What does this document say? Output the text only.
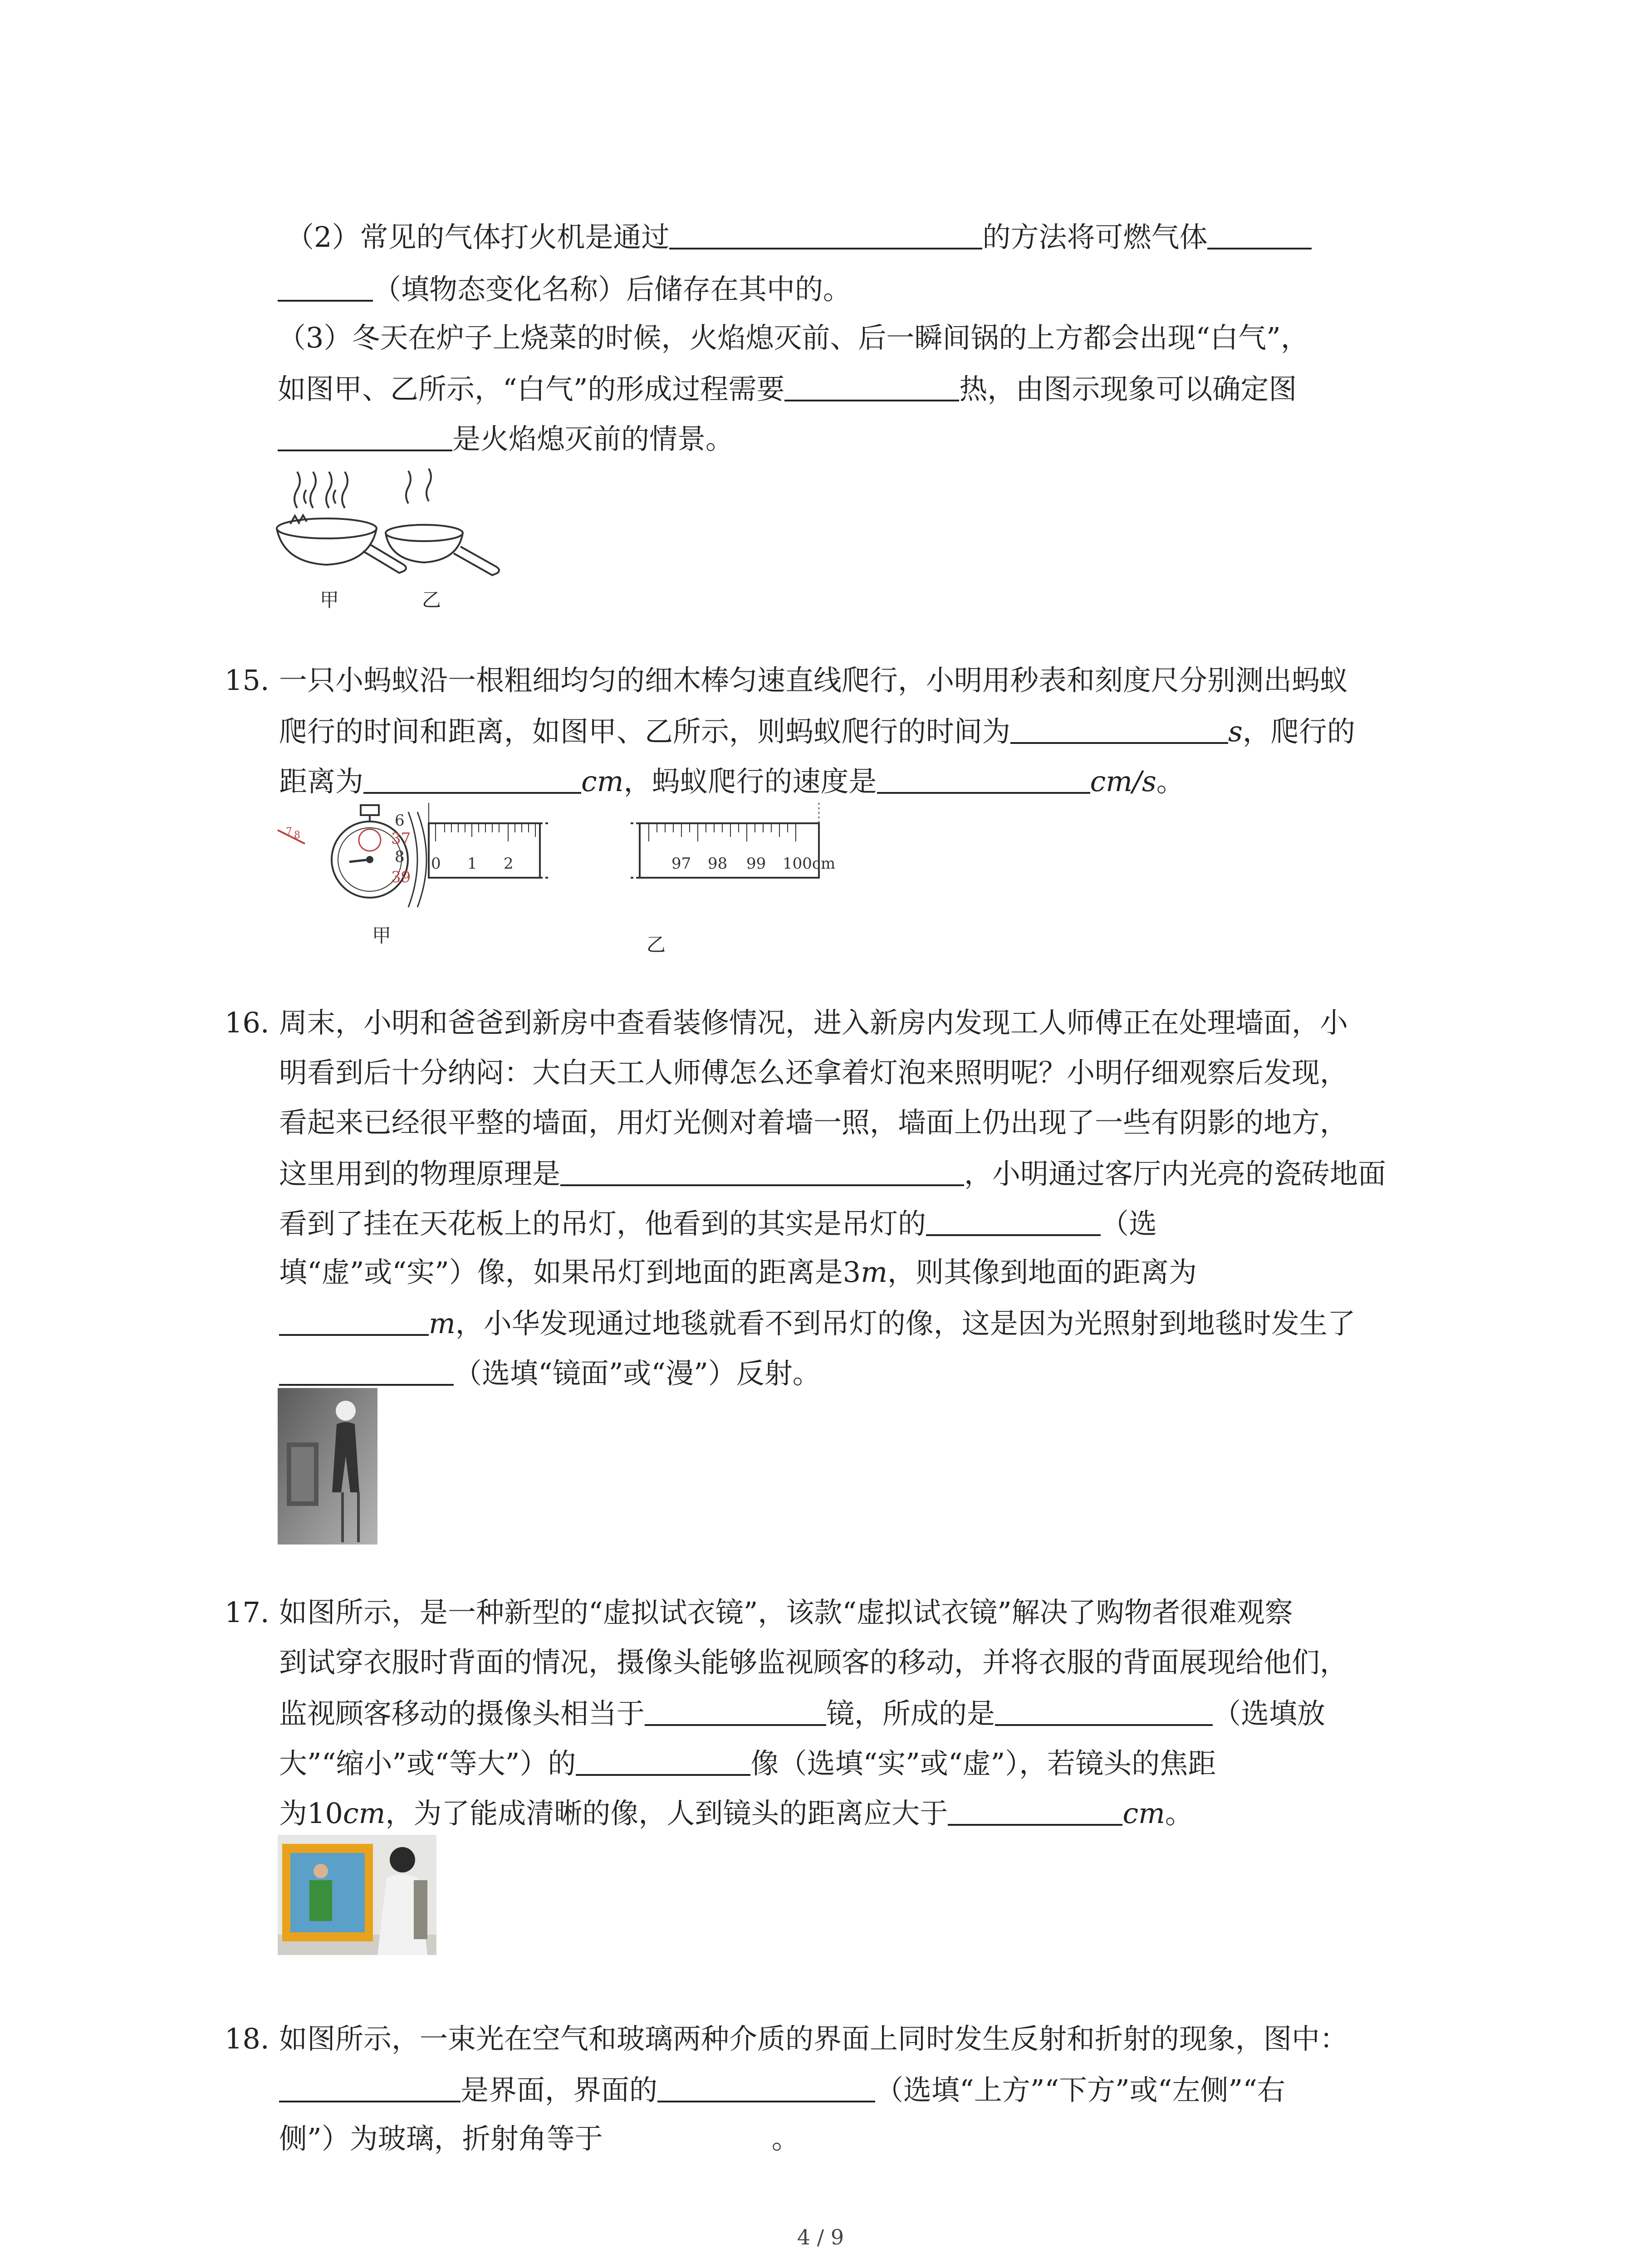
（2）常见的气体打火机是通过	的方法将可燃气体
（填物态变化名称）后储存在其中的。
（3）冬天在炉子上烧菜的时候，火焰熄灭前、后一瞬间锅的上方都会出现“白气”，
如图甲、乙所示，“白气”的形成过程需要	热，由图示现象可以确定图
是火焰熄灭前的情景。
甲	乙
15. 一只小蚂蚁沿一根粗细均匀的细木棒匀速直线爬行，小明用秒表和刻度尺分别测出蚂蚁
爬行的时间和距离，如图甲、乙所示，则蚂蚁爬行的时间为	s，爬行的
距离为	cm，蚂蚁爬行的速度是	cm/s。
6
37
8
39
7 8
0 1 2	97 98 99 100cm
甲	乙
16. 周末，小明和爸爸到新房中查看装修情况，进入新房内发现工人师傅正在处理墙面，小
明看到后十分纳闷：大白天工人师傅怎么还拿着灯泡来照明呢？小明仔细观察后发现，
看起来已经很平整的墙面，用灯光侧对着墙一照，墙面上仍出现了一些有阴影的地方，
这里用到的物理原理是	，小明通过客厅内光亮的瓷砖地面
看到了挂在天花板上的吊灯，他看到的其实是吊灯的	（选
填“虚”或“实”）像，如果吊灯到地面的距离是3m，则其像到地面的距离为
m，小华发现通过地毯就看不到吊灯的像，这是因为光照射到地毯时发生了
（选填“镜面”或“漫”）反射。
17. 如图所示，是一种新型的“虚拟试衣镜”，该款“虚拟试衣镜”解决了购物者很难观察
到试穿衣服时背面的情况，摄像头能够监视顾客的移动，并将衣服的背面展现给他们，
监视顾客移动的摄像头相当于	镜，所成的是	（选填放
大”“缩小”或“等大”）的	像（选填“实”或“虚”），若镜头的焦距
为10cm，为了能成清晰的像，人到镜头的距离应大于	cm。
18. 如图所示，一束光在空气和玻璃两种介质的界面上同时发生反射和折射的现象，图中：
是界面，界面的	（选填“上方”“下方”或“左侧”“右
侧”）为玻璃，折射角等于　　　　　　。
4 / 9
